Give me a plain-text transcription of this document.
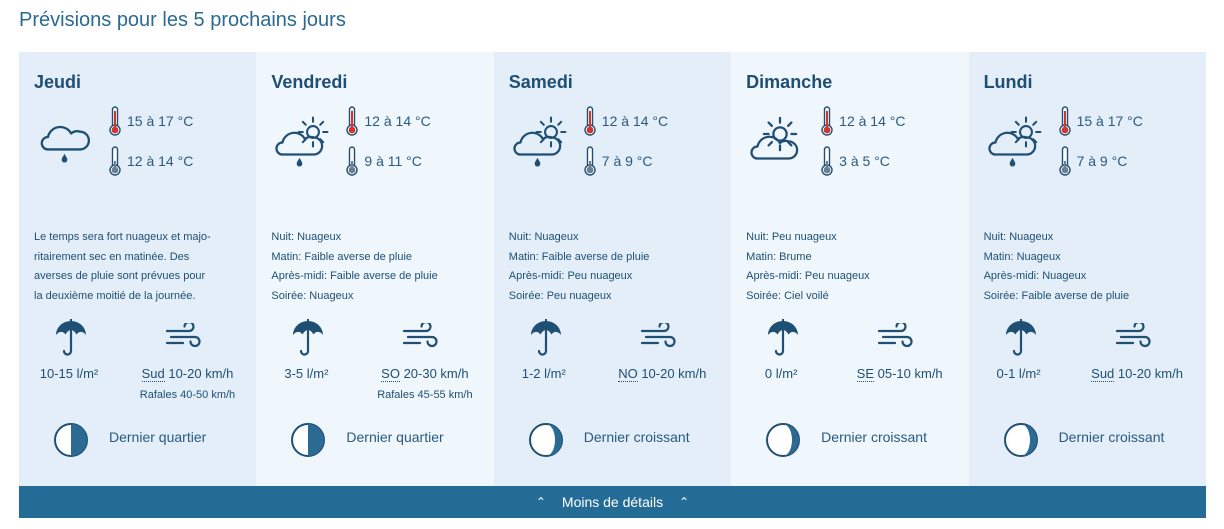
Prévisions pour les 5 prochains jours
Jeudi
15 à 17 °C
12 à 14 °C
Le temps sera fort nuageux et majo-
ritairement sec en matinée. Des
averses de pluie sont prévues pour
la deuxième moitié de la journée.
10-15 l/m²	Sud 10-20 km/h
Rafales 40-50 km/h
Dernier quartier
Vendredi
12 à 14 °C
9 à 11 °C
Nuit: Nuageux
Matin: Faible averse de pluie
Après-midi: Faible averse de pluie
Soirée: Nuageux
3-5 l/m²	SO 20-30 km/h
Rafales 45-55 km/h
Dernier quartier
Samedi
12 à 14 °C
7 à 9 °C
Nuit: Nuageux
Matin: Faible averse de pluie
Après-midi: Peu nuageux
Soirée: Peu nuageux
1-2 l/m²	NO 10-20 km/h
Dernier croissant
Dimanche
12 à 14 °C
3 à 5 °C
Nuit: Peu nuageux
Matin: Brume
Après-midi: Peu nuageux
Soirée: Ciel voilé
0 l/m²	SE 05-10 km/h
Dernier croissant
Lundi
15 à 17 °C
7 à 9 °C
Nuit: Nuageux
Matin: Nuageux
Après-midi: Nuageux
Soirée: Faible averse de pluie
0-1 l/m²	Sud 10-20 km/h
Dernier croissant
⌃ Moins de détails ⌃
